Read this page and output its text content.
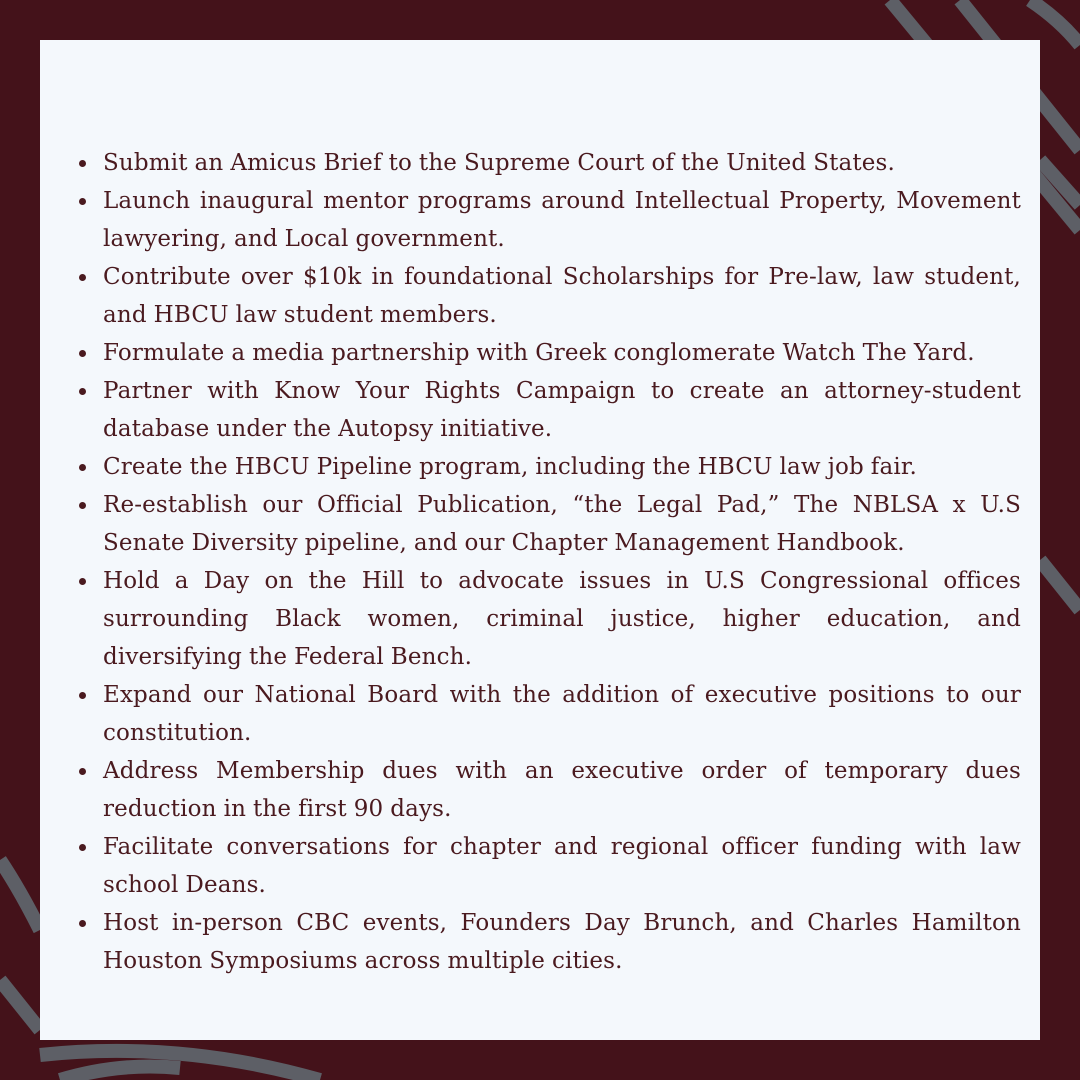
Submit an Amicus Brief to the Supreme Court of the United States.
Launch inaugural mentor programs around Intellectual Property, Movement lawyering, and Local government.
Contribute over $10k in foundational Scholarships for Pre-law, law student, and HBCU law student members.
Formulate a media partnership with Greek conglomerate Watch The Yard.
Partner with Know Your Rights Campaign to create an attorney-student database under the Autopsy initiative.
Create the HBCU Pipeline program, including the HBCU law job fair.
Re-establish our Official Publication, “the Legal Pad,” The NBLSA x U.S Senate Diversity pipeline, and our Chapter Management Handbook.
Hold a Day on the Hill to advocate issues in U.S Congressional offices surrounding Black women, criminal justice, higher education, and diversifying the Federal Bench.
Expand our National Board with the addition of executive positions to our constitution.
Address Membership dues with an executive order of temporary dues reduction in the first 90 days.
Facilitate conversations for chapter and regional officer funding with law school Deans.
Host in-person CBC events, Founders Day Brunch, and Charles Hamilton Houston Symposiums across multiple cities.
